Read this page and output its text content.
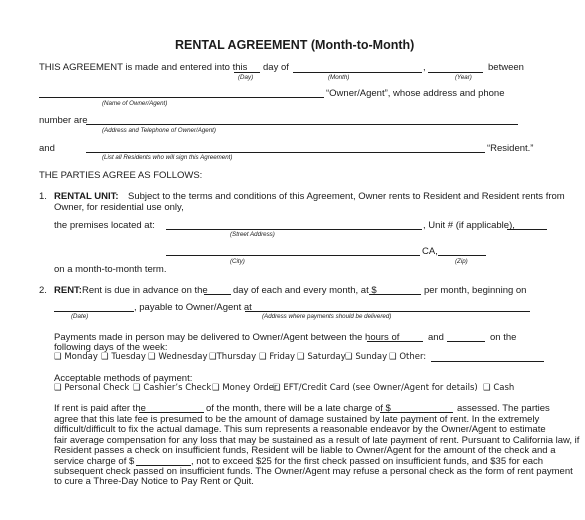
RENTAL AGREEMENT (Month-to-Month)
THIS AGREEMENT is made and entered into this day of	,	between
(Day)	(Month)	(Year)
“Owner/Agent”, whose address and phone
(Name of Owner/Agent)
number are
(Address and Telephone of Owner/Agent)
and	“Resident.”
(List all Residents who will sign this Agreement)
THE PARTIES AGREE AS FOLLOWS:
1. RENTAL UNIT: Subject to the terms and conditions of this Agreement, Owner rents to Resident and Resident rents from
Owner, for residential use only,
the premises located at:	, Unit # (if applicable),
(Street Address)
CA,
(City)	(Zip)
on a month-to-month term.
2. RENT: Rent is due in advance on the	day of each and every month, at $	per month, beginning on
, payable to Owner/Agent at
(Date)	(Address where payments should be delivered)
Payments made in person may be delivered to Owner/Agent between the hours of	and	on the
following days of the week:
❑ Monday ❑ Tuesday ❑ Wednesday ❑Thursday ❑ Friday ❑ Saturday ❑ Sunday ❑ Other:
Acceptable methods of payment:
❑ Personal Check ❑ Cashier’s Check ❑ Money Order
❑ EFT/Credit Card (see Owner/Agent for details) ❑ Cash
If rent is paid after the	of the month, there will be a late charge of $	assessed. The parties
agree that this late fee is presumed to be the amount of damage sustained by late payment of rent. In the extremely
difficult/difficult to fix the actual damage. This sum represents a reasonable endeavor by the Owner/Agent to estimate
fair average compensation for any loss that may be sustained as a result of late payment of rent. Pursuant to California law, if
Resident passes a check on insufficient funds, Resident will be liable to Owner/Agent for the amount of the check and a
service charge of $	, not to exceed $25 for the first check passed on insufficient funds, and $35 for each
subsequent check passed on insufficient funds. The Owner/Agent may refuse a personal check as the form of rent payment
to cure a Three-Day Notice to Pay Rent or Quit.
